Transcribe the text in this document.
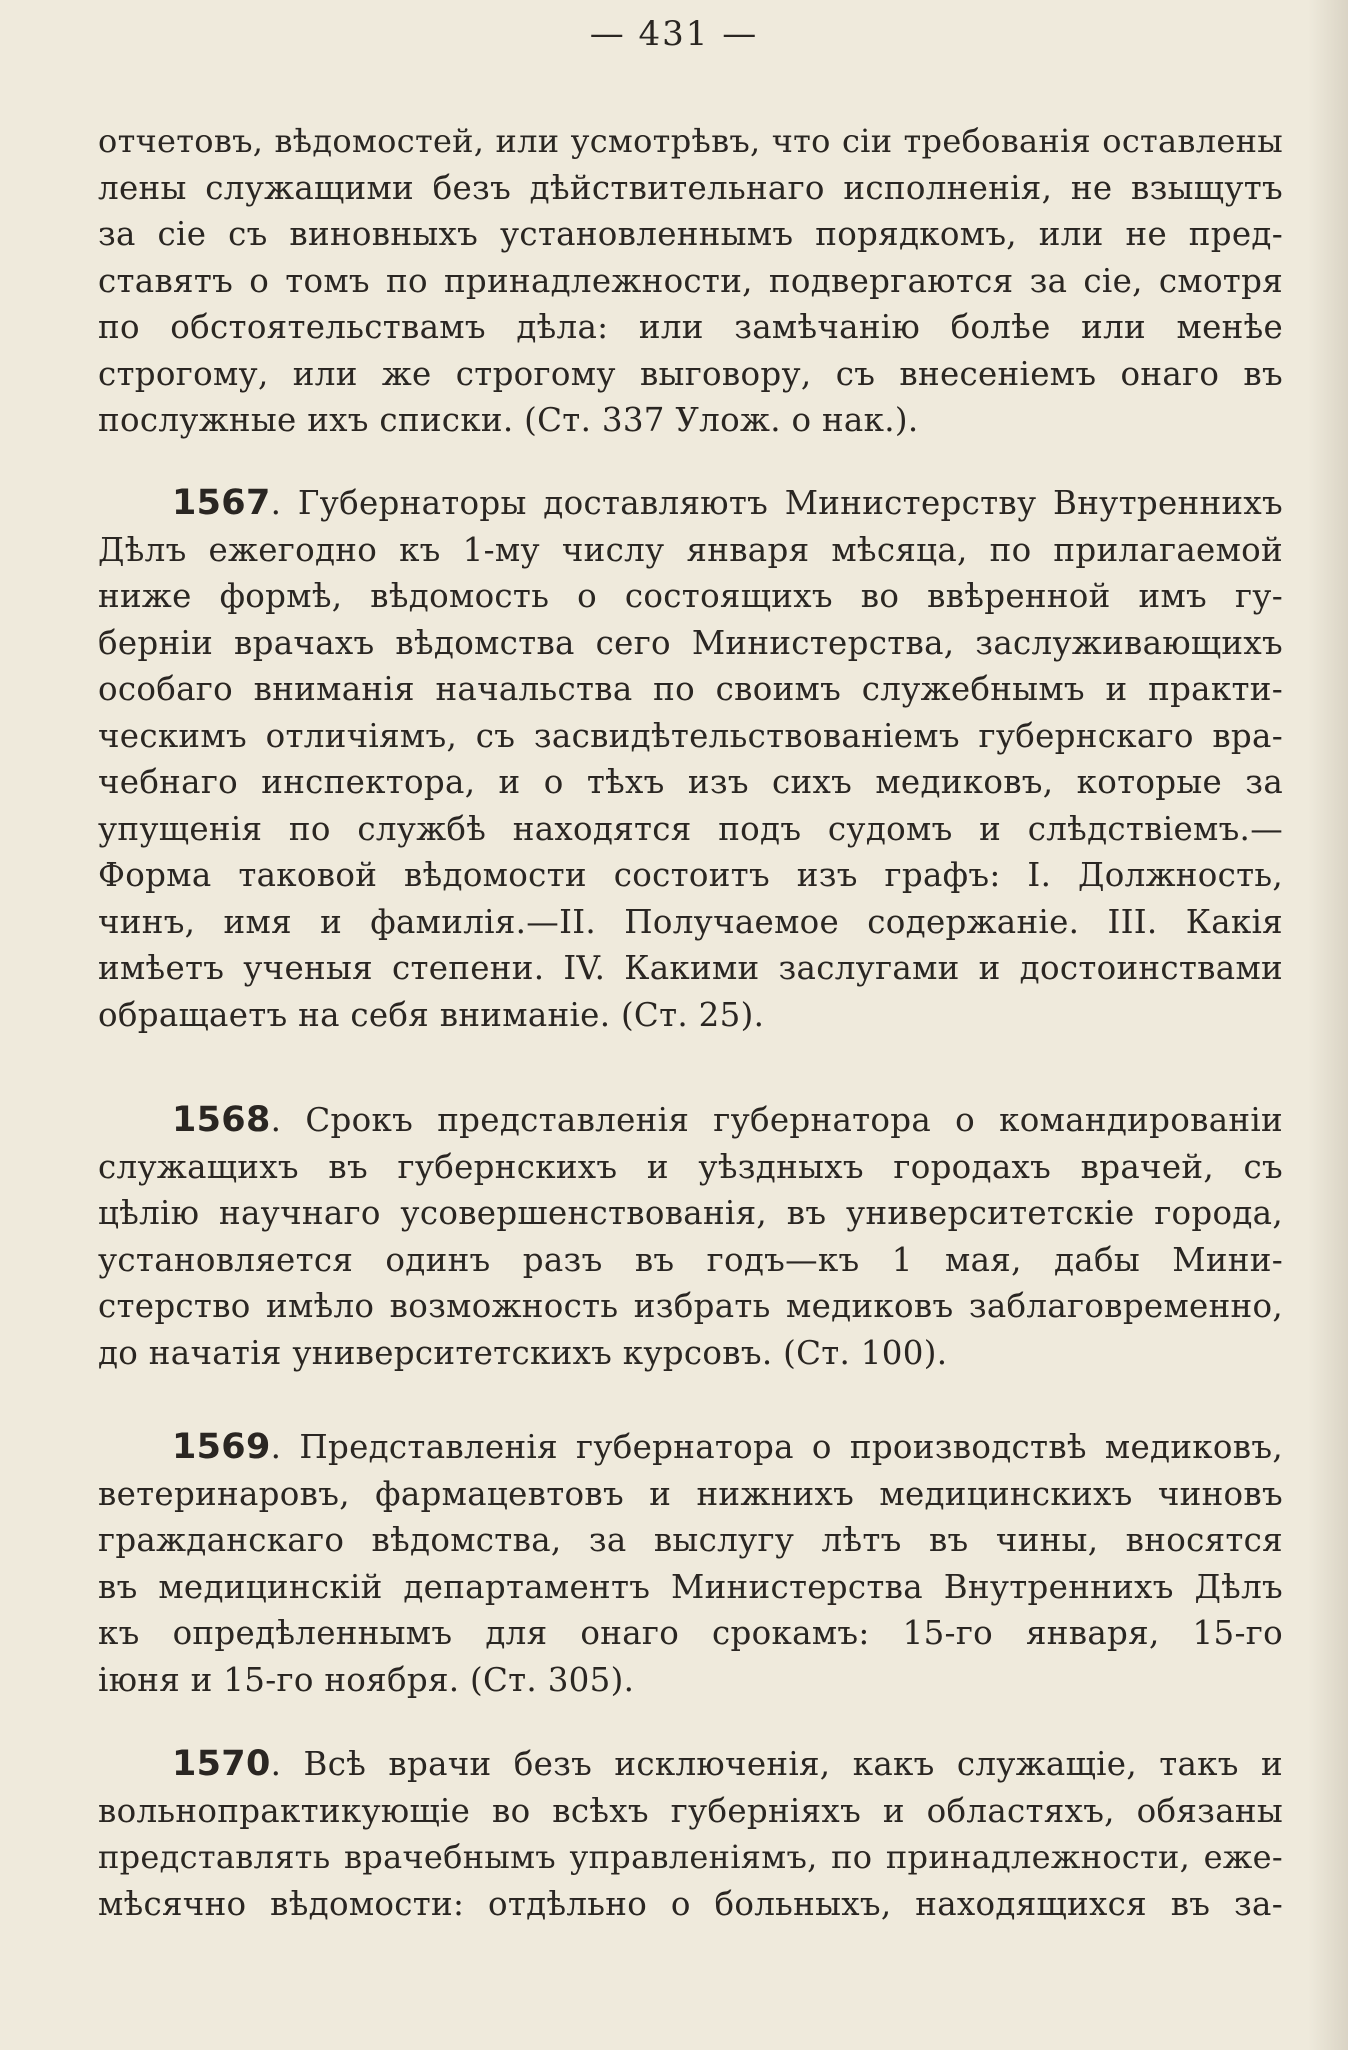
— 431 —
отчетовъ, вѣдомостей, или усмотрѣвъ, что сіи требованія оставлены
лены служащими безъ дѣйствительнаго исполненія, не взыщутъ
за сіе съ виновныхъ установленнымъ порядкомъ, или не пред-
ставятъ о томъ по принадлежности, подвергаются за сіе, смотря
по обстоятельствамъ дѣла: или замѣчанію болѣе или менѣе
строгому, или же строгому выговору, съ внесеніемъ онаго въ
послужные ихъ списки. (Ст. 337 Улож. о нак.).
1567. Губернаторы доставляютъ Министерству Внутреннихъ
Дѣлъ ежегодно къ 1-му числу января мѣсяца, по прилагаемой
ниже формѣ, вѣдомость о состоящихъ во ввѣренной имъ гу-
берніи врачахъ вѣдомства сего Министерства, заслуживающихъ
особаго вниманія начальства по своимъ служебнымъ и практи-
ческимъ отличіямъ, съ засвидѣтельствованіемъ губернскаго вра-
чебнаго инспектора, и о тѣхъ изъ сихъ медиковъ, которые за
упущенія по службѣ находятся подъ судомъ и слѣдствіемъ.—
Форма таковой вѣдомости состоитъ изъ графъ: I. Должность,
чинъ, имя и фамилія.—II. Получаемое содержаніе. III. Какія
имѣетъ ученыя степени. IV. Какими заслугами и достоинствами
обращаетъ на себя вниманіе. (Ст. 25).
1568. Срокъ представленія губернатора о командированіи
служащихъ въ губернскихъ и уѣздныхъ городахъ врачей, съ
цѣлію научнаго усовершенствованія, въ университетскіе города,
установляется одинъ разъ въ годъ—къ 1 мая, дабы Мини-
стерство имѣло возможность избрать медиковъ заблаговременно,
до начатія университетскихъ курсовъ. (Ст. 100).
1569. Представленія губернатора о производствѣ медиковъ,
ветеринаровъ, фармацевтовъ и нижнихъ медицинскихъ чиновъ
гражданскаго вѣдомства, за выслугу лѣтъ въ чины, вносятся
въ медицинскій департаментъ Министерства Внутреннихъ Дѣлъ
къ опредѣленнымъ для онаго срокамъ: 15-го января, 15-го
іюня и 15-го ноября. (Ст. 305).
1570. Всѣ врачи безъ исключенія, какъ служащіе, такъ и
вольнопрактикующіе во всѣхъ губерніяхъ и областяхъ, обязаны
представлять врачебнымъ управленіямъ, по принадлежности, еже-
мѣсячно вѣдомости: отдѣльно о больныхъ, находящихся въ за-
